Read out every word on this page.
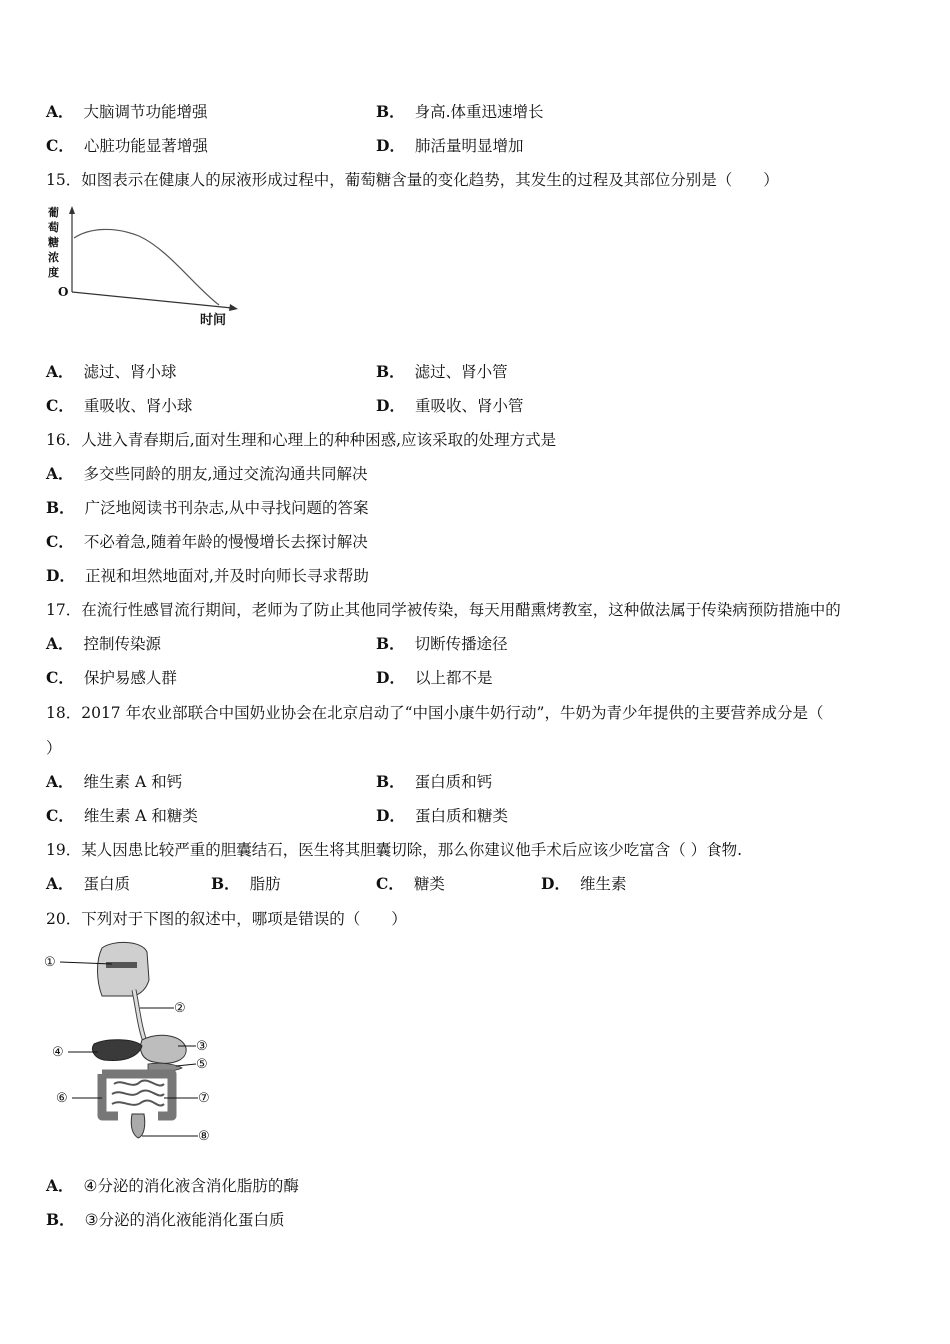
A． 大脑调节功能增强	B． 身高.体重迅速增长
C． 心脏功能显著增强	D． 肺活量明显增加
15．如图表示在健康人的尿液形成过程中，葡萄糖含量的变化趋势，其发生的过程及其部位分别是（　　）
葡
萄
糖
浓
度
O
时间
A． 滤过、肾小球	B． 滤过、肾小管
C． 重吸收、肾小球	D． 重吸收、肾小管
16．人进入青春期后,面对生理和心理上的种种困惑,应该采取的处理方式是
A． 多交些同龄的朋友,通过交流沟通共同解决
B． 广泛地阅读书刊杂志,从中寻找问题的答案
C． 不必着急,随着年龄的慢慢增长去探讨解决
D． 正视和坦然地面对,并及时向师长寻求帮助
17．在流行性感冒流行期间，老师为了防止其他同学被传染，每天用醋熏烤教室，这种做法属于传染病预防措施中的
A． 控制传染源	B． 切断传播途径
C． 保护易感人群	D． 以上都不是
18．2017 年农业部联合中国奶业协会在北京启动了“中国小康牛奶行动”，牛奶为青少年提供的主要营养成分是（
）
A． 维生素 A 和钙	B． 蛋白质和钙
C． 维生素 A 和糖类	D． 蛋白质和糖类
19．某人因患比较严重的胆囊结石，医生将其胆囊切除，那么你建议他手术后应该少吃富含（ ）食物.
A． 蛋白质	B． 脂肪	C． 糖类	D． 维生素
20．下列对于下图的叙述中，哪项是错误的（　　）
①
②
③
④
⑤
⑥	⑦
⑧
A． ④分泌的消化液含消化脂肪的酶
B． ③分泌的消化液能消化蛋白质
